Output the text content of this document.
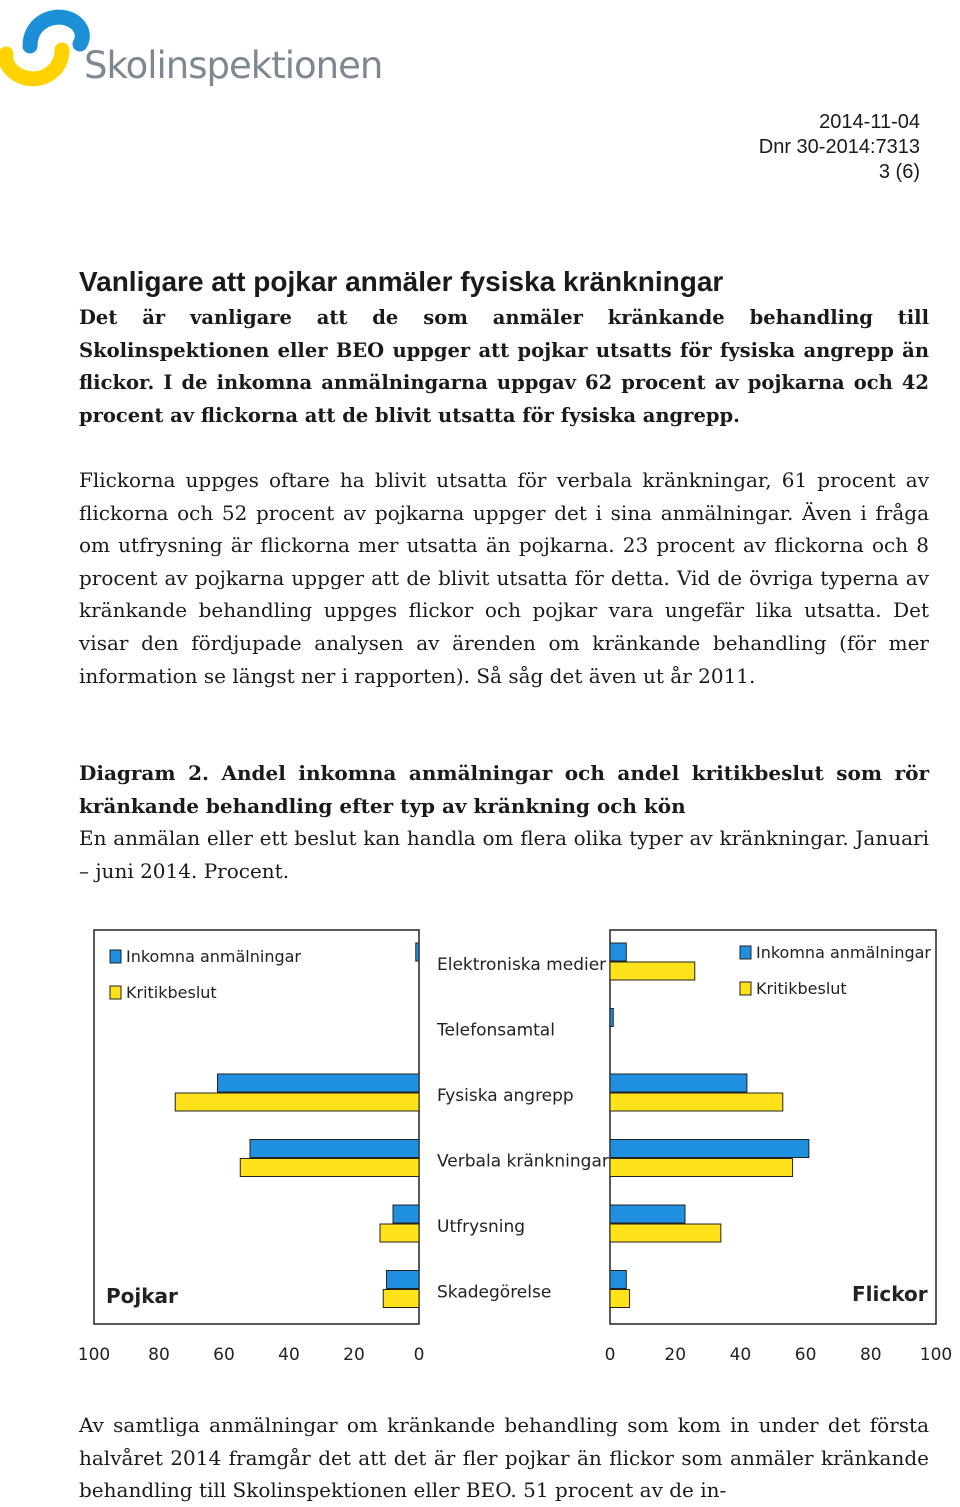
Skolinspektionen
2014-11-04
Dnr 30-2014:7313
3 (6)
Vanligare att pojkar anmäler fysiska kränkningar
Det är vanligare att de som anmäler kränkande behandling till Skolinspektionen eller BEO uppger att pojkar utsatts för fysiska angrepp än flickor. I de inkomna anmälningarna uppgav 62 procent av pojkarna och 42 procent av flickorna att de blivit utsatta för fysiska angrepp.
Flickorna uppges oftare ha blivit utsatta för verbala kränkningar, 61 procent av flickorna och 52 procent av pojkarna uppger det i sina anmälningar. Även i fråga om utfrysning är flickorna mer utsatta än pojkarna. 23 procent av flickorna och 8 procent av pojkarna uppger att de blivit utsatta för detta. Vid de övriga typerna av kränkande behandling uppges flickor och pojkar vara ungefär lika utsatta. Det visar den fördjupade analysen av ärenden om kränkande behandling (för mer information se längst ner i rapporten). Så såg det även ut år 2011.
Diagram 2. Andel inkomna anmälningar och andel kritikbeslut som rör kränkande behandling efter typ av kränkning och kön
En anmälan eller ett beslut kan handla om flera olika typer av kränkningar. Januari – juni 2014. Procent.
Elektroniska medier
Telefonsamtal
Fysiska angrepp
Verbala kränkningar
Utfrysning
Skadegörelse
Inkomna anmälningar
Kritikbeslut
Inkomna anmälningar
Kritikbeslut
Pojkar	Flickor
100 80	60	40	20	0	0	20	40	60	80 100
Av samtliga anmälningar om kränkande behandling som kom in under det första halvåret 2014 framgår det att det är fler pojkar än flickor som anmäler kränkande behandling till Skolinspektionen eller BEO. 51 procent av de in-
